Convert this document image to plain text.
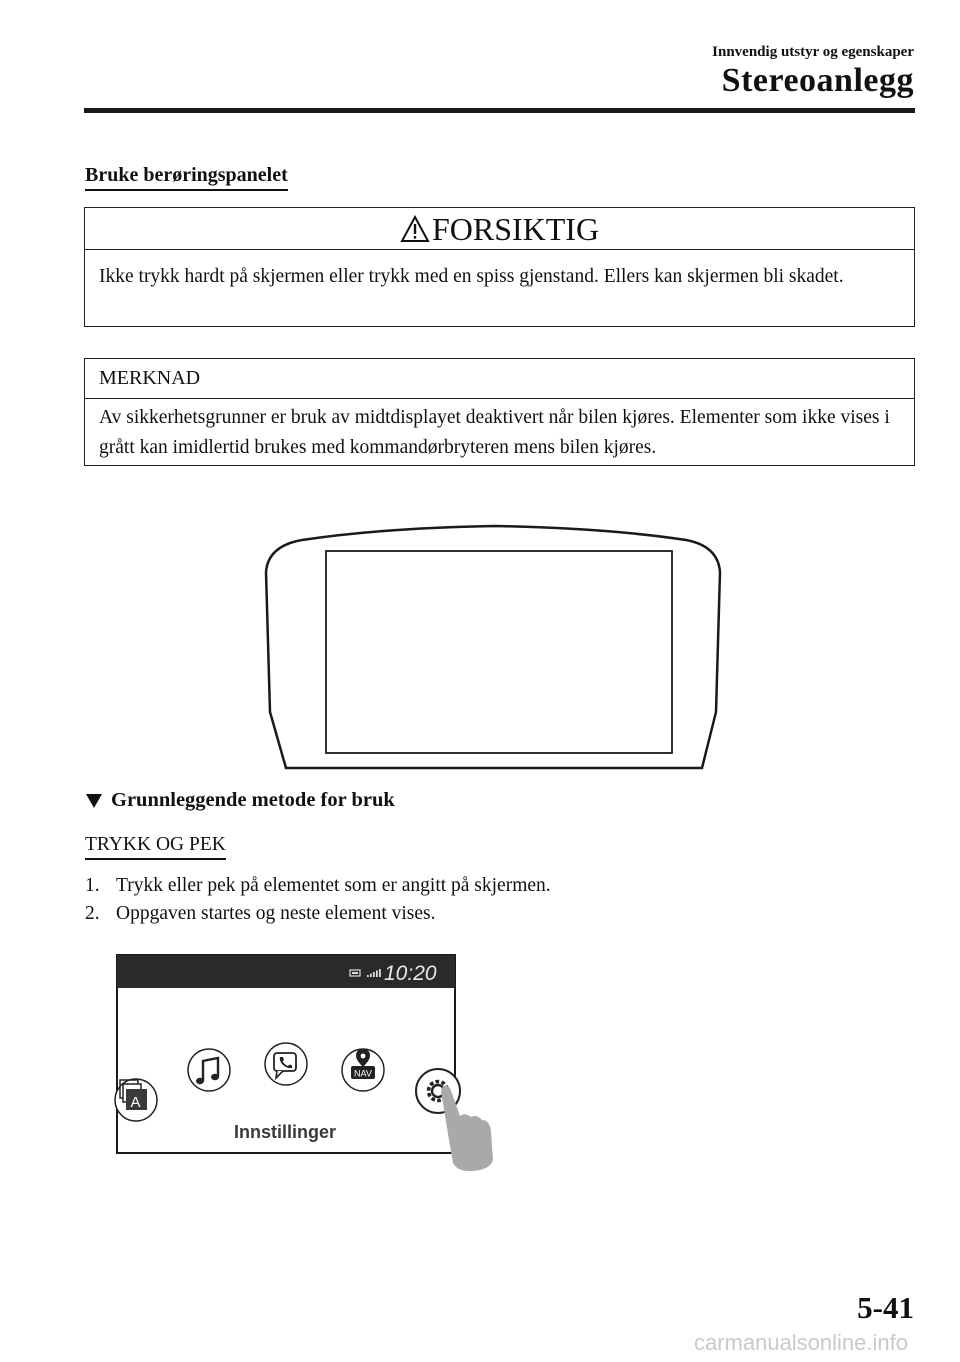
Innvendig utstyr og egenskaper
Stereoanlegg
Bruke berøringspanelet
FORSIKTIG
Ikke trykk hardt på skjermen eller trykk med en spiss gjenstand. Ellers kan skjermen bli skadet.
MERKNAD
Av sikkerhetsgrunner er bruk av midtdisplayet deaktivert når bilen kjøres. Elementer som ikke vises i grått kan imidlertid brukes med kommandørbryteren mens bilen kjøres.
Grunnleggende metode for bruk
TRYKK OG PEK
1. Trykk eller pek på elementet som er angitt på skjermen.
2. Oppgaven startes og neste element vises.
10:20
A
NAV
Innstillinger
5-41
carmanualsonline.info
